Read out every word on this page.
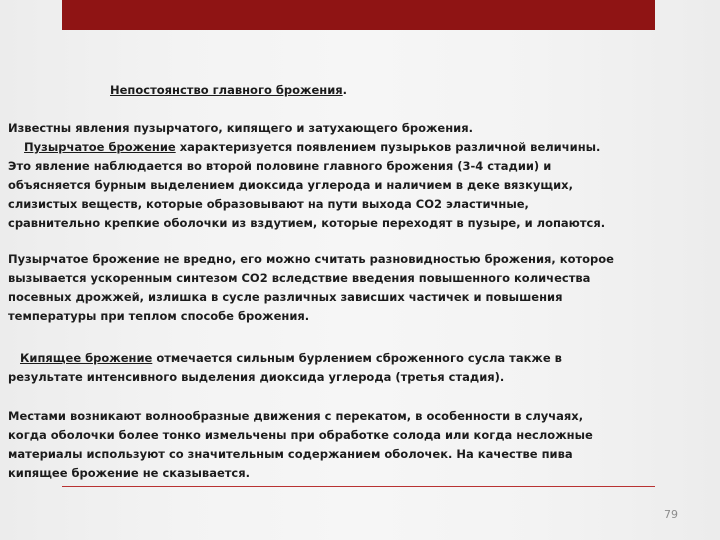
Непостоянство главного брожения.

Известны явления пузырчатого, кипящего и затухающего брожения.
Пузырчатое брожение характеризуется появлением пузырьков различной величины.
Это явление наблюдается во второй половине главного брожения (3-4 стадии) и
объясняется бурным выделением диоксида углерода и наличием в деке вязкущих,
слизистых веществ, которые образовывают на пути выхода СО2 эластичные,
сравнительно крепкие оболочки из вздутием, которые переходят в пузыре, и лопаются.

Пузырчатое брожение не вредно, его можно считать разновидностью брожения, которое
вызывается ускоренным синтезом СО2 вследствие введения повышенного количества
посевных дрожжей, излишка в сусле различных зависших частичек и повышения
температуры при теплом способе брожения.

Кипящее брожение отмечается сильным бурлением сброженного сусла также в
результате интенсивного выделения диоксида углерода (третья стадия).

Местами возникают волнообразные движения с перекатом, в особенности в случаях,
когда оболочки более тонко измельчены при обработке солода или когда несложные
материалы используют со значительным содержанием оболочек. На качестве пива
кипящее брожение не сказывается.

79
